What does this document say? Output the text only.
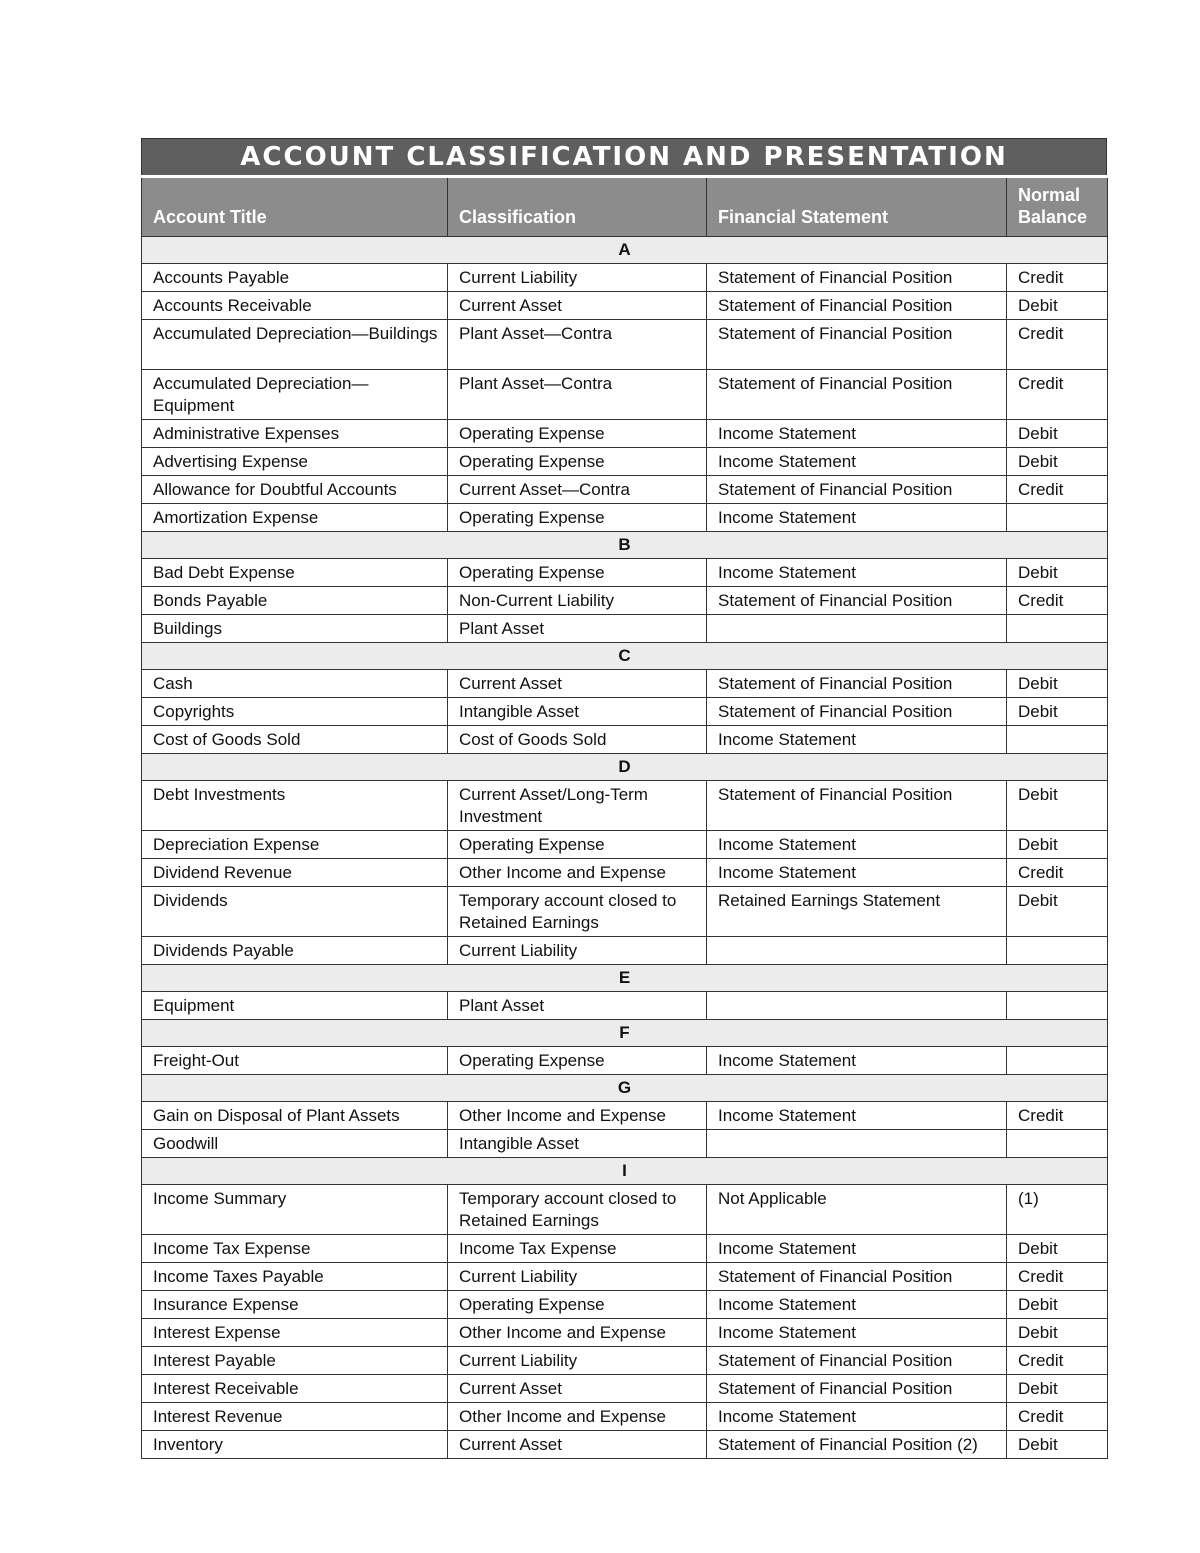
ACCOUNT CLASSIFICATION AND PRESENTATION
Account Title	Classification	Financial Statement	Normal Balance
A			
Accounts Payable	Current Liability	Statement of Financial Position	Credit
Accounts Receivable	Current Asset	Statement of Financial Position	Debit
Accumulated Depreciation—Buildings	Plant Asset—Contra	Statement of Financial Position	Credit
Accumulated Depreciation—Equipment	Plant Asset—Contra	Statement of Financial Position	Credit
Administrative Expenses	Operating Expense	Income Statement	Debit
Advertising Expense	Operating Expense	Income Statement	Debit
Allowance for Doubtful Accounts	Current Asset—Contra	Statement of Financial Position	Credit
Amortization Expense	Operating Expense	Income Statement	
B			
Bad Debt Expense	Operating Expense	Income Statement	Debit
Bonds Payable	Non-Current Liability	Statement of Financial Position	Credit
Buildings	Plant Asset		
C			
Cash	Current Asset	Statement of Financial Position	Debit
Copyrights	Intangible Asset	Statement of Financial Position	Debit
Cost of Goods Sold	Cost of Goods Sold	Income Statement	
D			
Debt Investments	Current Asset/Long-Term Investment	Statement of Financial Position	Debit
Depreciation Expense	Operating Expense	Income Statement	Debit
Dividend Revenue	Other Income and Expense	Income Statement	Credit
Dividends	Temporary account closed to Retained Earnings	Retained Earnings Statement	Debit
Dividends Payable	Current Liability		
E			
Equipment	Plant Asset		
F			
Freight-Out	Operating Expense	Income Statement	
G			
Gain on Disposal of Plant Assets	Other Income and Expense	Income Statement	Credit
Goodwill	Intangible Asset		
I			
Income Summary	Temporary account closed to Retained Earnings	Not Applicable	(1)
Income Tax Expense	Income Tax Expense	Income Statement	Debit
Income Taxes Payable	Current Liability	Statement of Financial Position	Credit
Insurance Expense	Operating Expense	Income Statement	Debit
Interest Expense	Other Income and Expense	Income Statement	Debit
Interest Payable	Current Liability	Statement of Financial Position	Credit
Interest Receivable	Current Asset	Statement of Financial Position	Debit
Interest Revenue	Other Income and Expense	Income Statement	Credit
Inventory	Current Asset	Statement of Financial Position (2)	Debit
